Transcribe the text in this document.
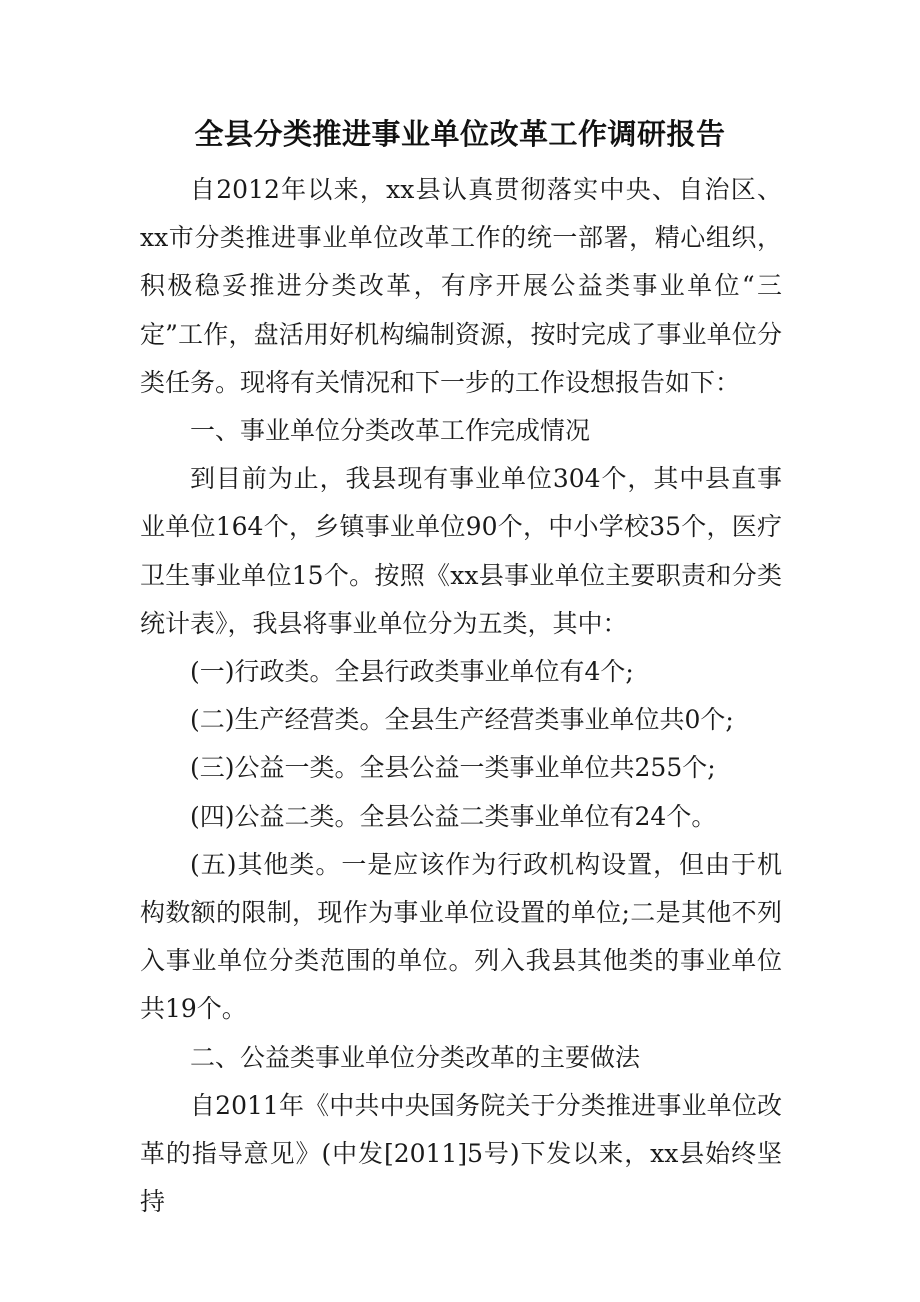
全县分类推进事业单位改革工作调研报告

自2012年以来，xx县认真贯彻落实中央、自治区、xx市分类推进事业单位改革工作的统一部署，精心组织，积极稳妥推进分类改革，有序开展公益类事业单位“三定”工作，盘活用好机构编制资源，按时完成了事业单位分类任务。现将有关情况和下一步的工作设想报告如下：

一、事业单位分类改革工作完成情况

到目前为止，我县现有事业单位304个，其中县直事业单位164个，乡镇事业单位90个，中小学校35个，医疗卫生事业单位15个。按照《xx县事业单位主要职责和分类统计表》，我县将事业单位分为五类，其中：

(一)行政类。全县行政类事业单位有4个;

(二)生产经营类。全县生产经营类事业单位共0个;

(三)公益一类。全县公益一类事业单位共255个;

(四)公益二类。全县公益二类事业单位有24个。

(五)其他类。一是应该作为行政机构设置，但由于机构数额的限制，现作为事业单位设置的单位;二是其他不列入事业单位分类范围的单位。列入我县其他类的事业单位共19个。

二、公益类事业单位分类改革的主要做法

自2011年《中共中央国务院关于分类推进事业单位改革的指导意见》(中发[2011]5号)下发以来，xx县始终坚持
